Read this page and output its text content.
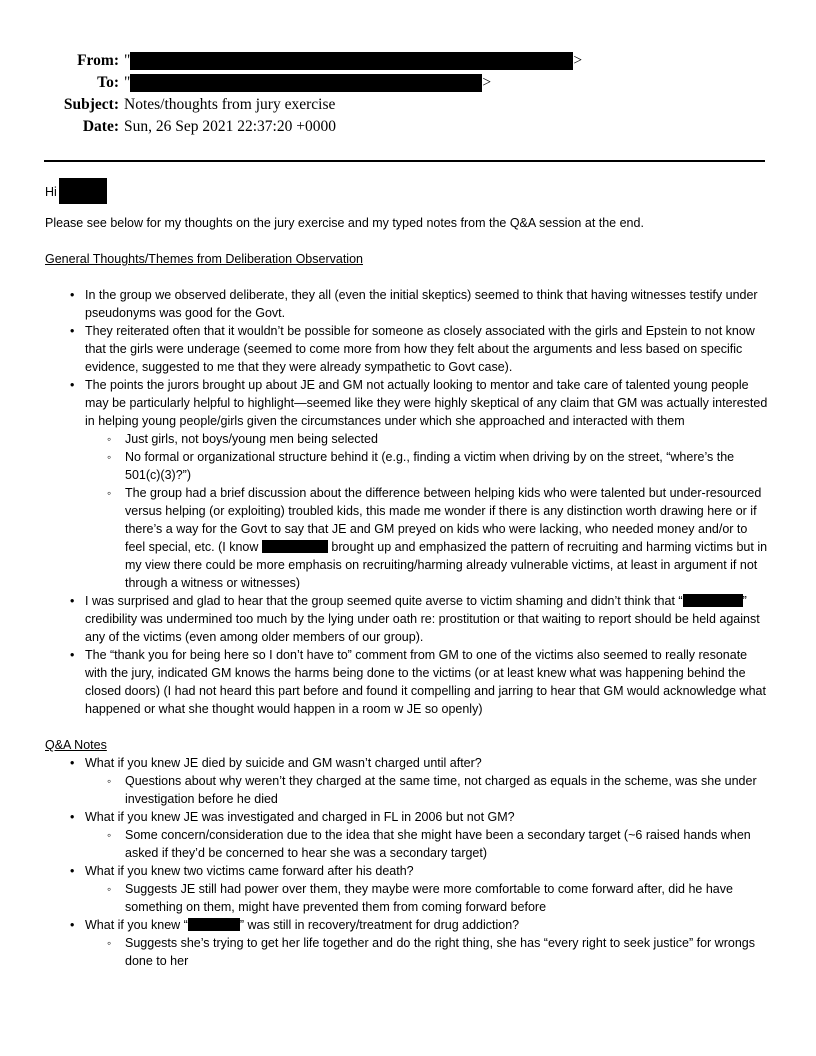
From: "	>
To: "	>
Subject: Notes/thoughts from jury exercise
Date: Sun, 26 Sep 2021 22:37:20 +0000

Hi

Please see below for my thoughts on the jury exercise and my typed notes from the Q&A session at the end.

General Thoughts/Themes from Deliberation Observation

• In the group we observed deliberate, they all (even the initial skeptics) seemed to think that having witnesses testify under pseudonyms was good for the Govt.
• They reiterated often that it wouldn’t be possible for someone as closely associated with the girls and Epstein to not know that the girls were underage (seemed to come more from how they felt about the arguments and less based on specific evidence, suggested to me that they were already sympathetic to Govt case).
• The points the jurors brought up about JE and GM not actually looking to mentor and take care of talented young people may be particularly helpful to highlight—seemed like they were highly skeptical of any claim that GM was actually interested in helping young people/girls given the circumstances under which she approached and interacted with them
◦ Just girls, not boys/young men being selected
◦ No formal or organizational structure behind it (e.g., finding a victim when driving by on the street, “where’s the 501(c)(3)?”)
◦ The group had a brief discussion about the difference between helping kids who were talented but under-resourced versus helping (or exploiting) troubled kids, this made me wonder if there is any distinction worth drawing here or if there’s a way for the Govt to say that JE and GM preyed on kids who were lacking, who needed money and/or to feel special, etc. (I know	brought up and emphasized the pattern of recruiting and harming victims but in my view there could be more emphasis on recruiting/harming already vulnerable victims, at least in argument if not through a witness or witnesses)
• I was surprised and glad to hear that the group seemed quite averse to victim shaming and didn’t think that “	” credibility was undermined too much by the lying under oath re: prostitution or that waiting to report should be held against any of the victims (even among older members of our group).
• The “thank you for being here so I don’t have to” comment from GM to one of the victims also seemed to really resonate with the jury, indicated GM knows the harms being done to the victims (or at least knew what was happening behind the closed doors) (I had not heard this part before and found it compelling and jarring to hear that GM would acknowledge what happened or what she thought would happen in a room w JE so openly)

Q&A Notes

• What if you knew JE died by suicide and GM wasn’t charged until after?
◦ Questions about why weren’t they charged at the same time, not charged as equals in the scheme, was she under investigation before he died
• What if you knew JE was investigated and charged in FL in 2006 but not GM?
◦ Some concern/consideration due to the idea that she might have been a secondary target (~6 raised hands when asked if they’d be concerned to hear she was a secondary target)
• What if you knew two victims came forward after his death?
◦ Suggests JE still had power over them, they maybe were more comfortable to come forward after, did he have something on them, might have prevented them from coming forward before
• What if you knew “	” was still in recovery/treatment for drug addiction?
◦ Suggests she’s trying to get her life together and do the right thing, she has “every right to seek justice” for wrongs done to her
